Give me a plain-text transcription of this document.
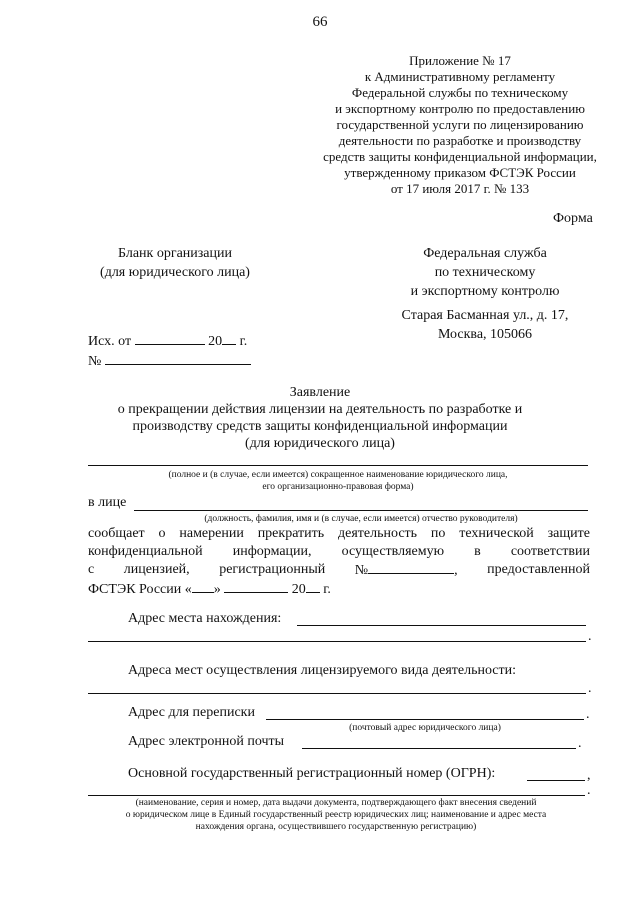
66
Приложение № 17
к Административному регламенту
Федеральной службы по техническому
и экспортному контролю по предоставлению
государственной услуги по лицензированию
деятельности по разработке и производству
средств защиты конфиденциальной информации,
утвержденному приказом ФСТЭК России
от 17 июля 2017 г. № 133
Форма
Бланк организации
(для юридического лица)
Федеральная служба
по техническому
и экспортному контролю
Старая Басманная ул., д. 17,
Москва, 105066
Исх. от	20 г.
№
Заявление
о прекращении действия лицензии на деятельность по разработке и
производству средств защиты конфиденциальной информации
(для юридического лица)
(полное и (в случае, если имеется) сокращенное наименование юридического лица,
его организационно-правовая форма)
в лице
(должность, фамилия, имя и (в случае, если имеется) отчество руководителя)
сообщает о намерении прекратить деятельность по технической защите
конфиденциальной информации, осуществляемую в соответствии
с лицензией, регистрационный №	, предоставленной
ФСТЭК России « »	20 г.
Адрес места нахождения:
.
Адреса мест осуществления лицензируемого вида деятельности:
.
Адрес для переписки	.
(почтовый адрес юридического лица)
Адрес электронной почты	.
Основной государственный регистрационный номер (ОГРН):	,
.
(наименование, серия и номер, дата выдачи документа, подтверждающего факт внесения сведений
о юридическом лице в Единый государственный реестр юридических лиц; наименование и адрес места
нахождения органа, осуществившего государственную регистрацию)
